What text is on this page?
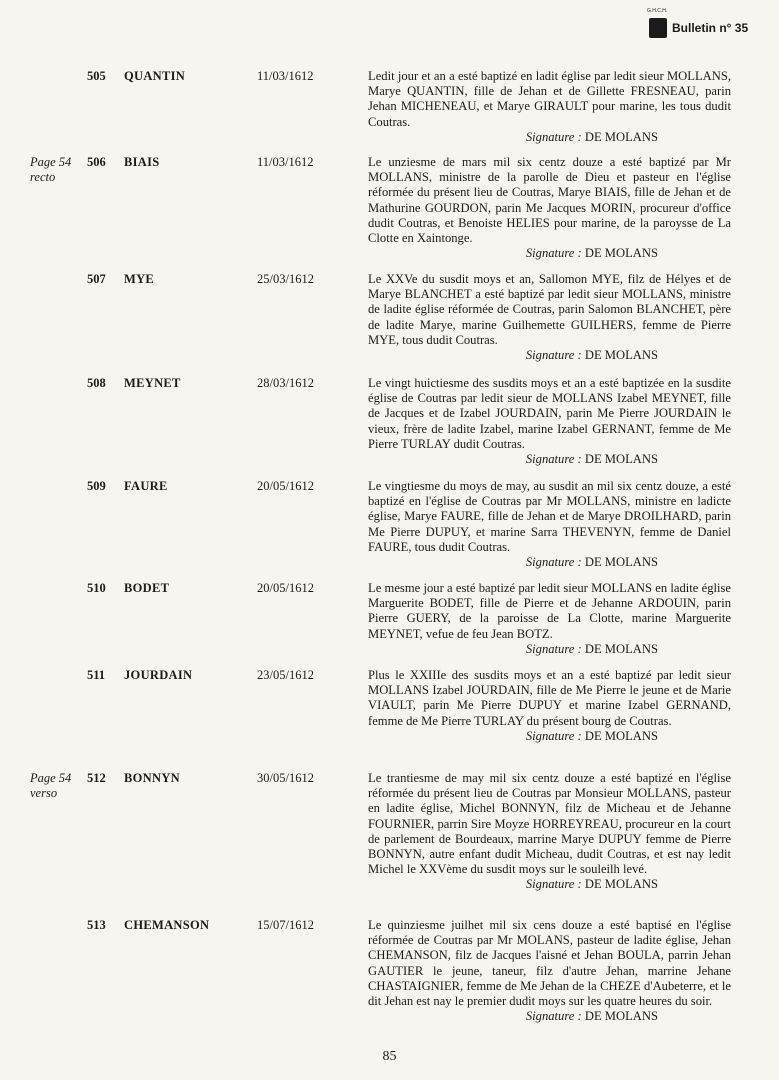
G.H.C.H.
Bulletin n° 35
505 QUANTIN	11/03/1612	Ledit jour et an a esté baptizé en ladit église par ledit sieur MOLLANS, Marye QUANTIN, fille de Jehan et de Gillette FRESNEAU, parin Jehan MICHENEAU, et Marye GIRAULT pour marine, les tous dudit Coutras.
Signature : DE MOLANS
Page 54 recto
506 BIAIS	11/03/1612	Le unziesme de mars mil six centz douze a esté baptizé par Mr MOLLANS, ministre de la parolle de Dieu et pasteur en l'église réformée du présent lieu de Coutras, Marye BIAIS, fille de Jehan et de Mathurine GOURDON, parin Me Jacques MORIN, procureur d'office dudit Coutras, et Benoiste HELIES pour marine, de la paroysse de La Clotte en Xaintonge.
Signature : DE MOLANS
507 MYE	25/03/1612	Le XXVe du susdit moys et an, Sallomon MYE, filz de Hélyes et de Marye BLANCHET a esté baptizé par ledit sieur MOLLANS, ministre de ladite église réformée de Coutras, parin Salomon BLANCHET, père de ladite Marye, marine Guilhemette GUILHERS, femme de Pierre MYE, tous dudit Coutras.
Signature : DE MOLANS
508 MEYNET	28/03/1612	Le vingt huictiesme des susdits moys et an a esté baptizée en la susdite église de Coutras par ledit sieur de MOLLANS Izabel MEYNET, fille de Jacques et de Izabel JOURDAIN, parin Me Pierre JOURDAIN le vieux, frère de ladite Izabel, marine Izabel GERNANT, femme de Me Pierre TURLAY dudit Coutras.
Signature : DE MOLANS
509 FAURE	20/05/1612	Le vingtiesme du moys de may, au susdit an mil six centz douze, a esté baptizé en l'église de Coutras par Mr MOLLANS, ministre en ladicte église, Marye FAURE, fille de Jehan et de Marye DROILHARD, parin Me Pierre DUPUY, et marine Sarra THEVENYN, femme de Daniel FAURE, tous dudit Coutras.
Signature : DE MOLANS
510 BODET	20/05/1612	Le mesme jour a esté baptizé par ledit sieur MOLLANS en ladite église Marguerite BODET, fille de Pierre et de Jehanne ARDOUIN, parin Pierre GUERY, de la paroisse de La Clotte, marine Marguerite MEYNET, vefue de feu Jean BOTZ.
Signature : DE MOLANS
511 JOURDAIN	23/05/1612	Plus le XXIIIe des susdits moys et an a esté baptizé par ledit sieur MOLLANS Izabel JOURDAIN, fille de Me Pierre le jeune et de Marie VIAULT, parin Me Pierre DUPUY et marine Izabel GERNAND, femme de Me Pierre TURLAY du présent bourg de Coutras.
Signature : DE MOLANS
Page 54 verso
512 BONNYN	30/05/1612	Le trantiesme de may mil six centz douze a esté baptizé en l'église réformée du présent lieu de Coutras par Monsieur MOLLANS, pasteur en ladite église, Michel BONNYN, filz de Micheau et de Jehanne FOURNIER, parrin Sire Moyze HORREYREAU, procureur en la court de parlement de Bourdeaux, marrine Marye DUPUY femme de Pierre BONNYN, autre enfant dudit Micheau, dudit Coutras, et est nay ledit Michel le XXVème du susdit moys sur le souleilh levé.
Signature : DE MOLANS
513 CHEMANSON	15/07/1612	Le quinziesme juilhet mil six cens douze a esté baptisé en l'église réformée de Coutras par Mr MOLANS, pasteur de ladite église, Jehan CHEMANSON, filz de Jacques l'aisné et Jehan BOULA, parrin Jehan GAUTIER le jeune, taneur, filz d'autre Jehan, marrine Jehane CHASTAIGNIER, femme de Me Jehan de la CHEZE d'Aubeterre, et le dit Jehan est nay le premier dudit moys sur les quatre heures du soir.
Signature : DE MOLANS
85
